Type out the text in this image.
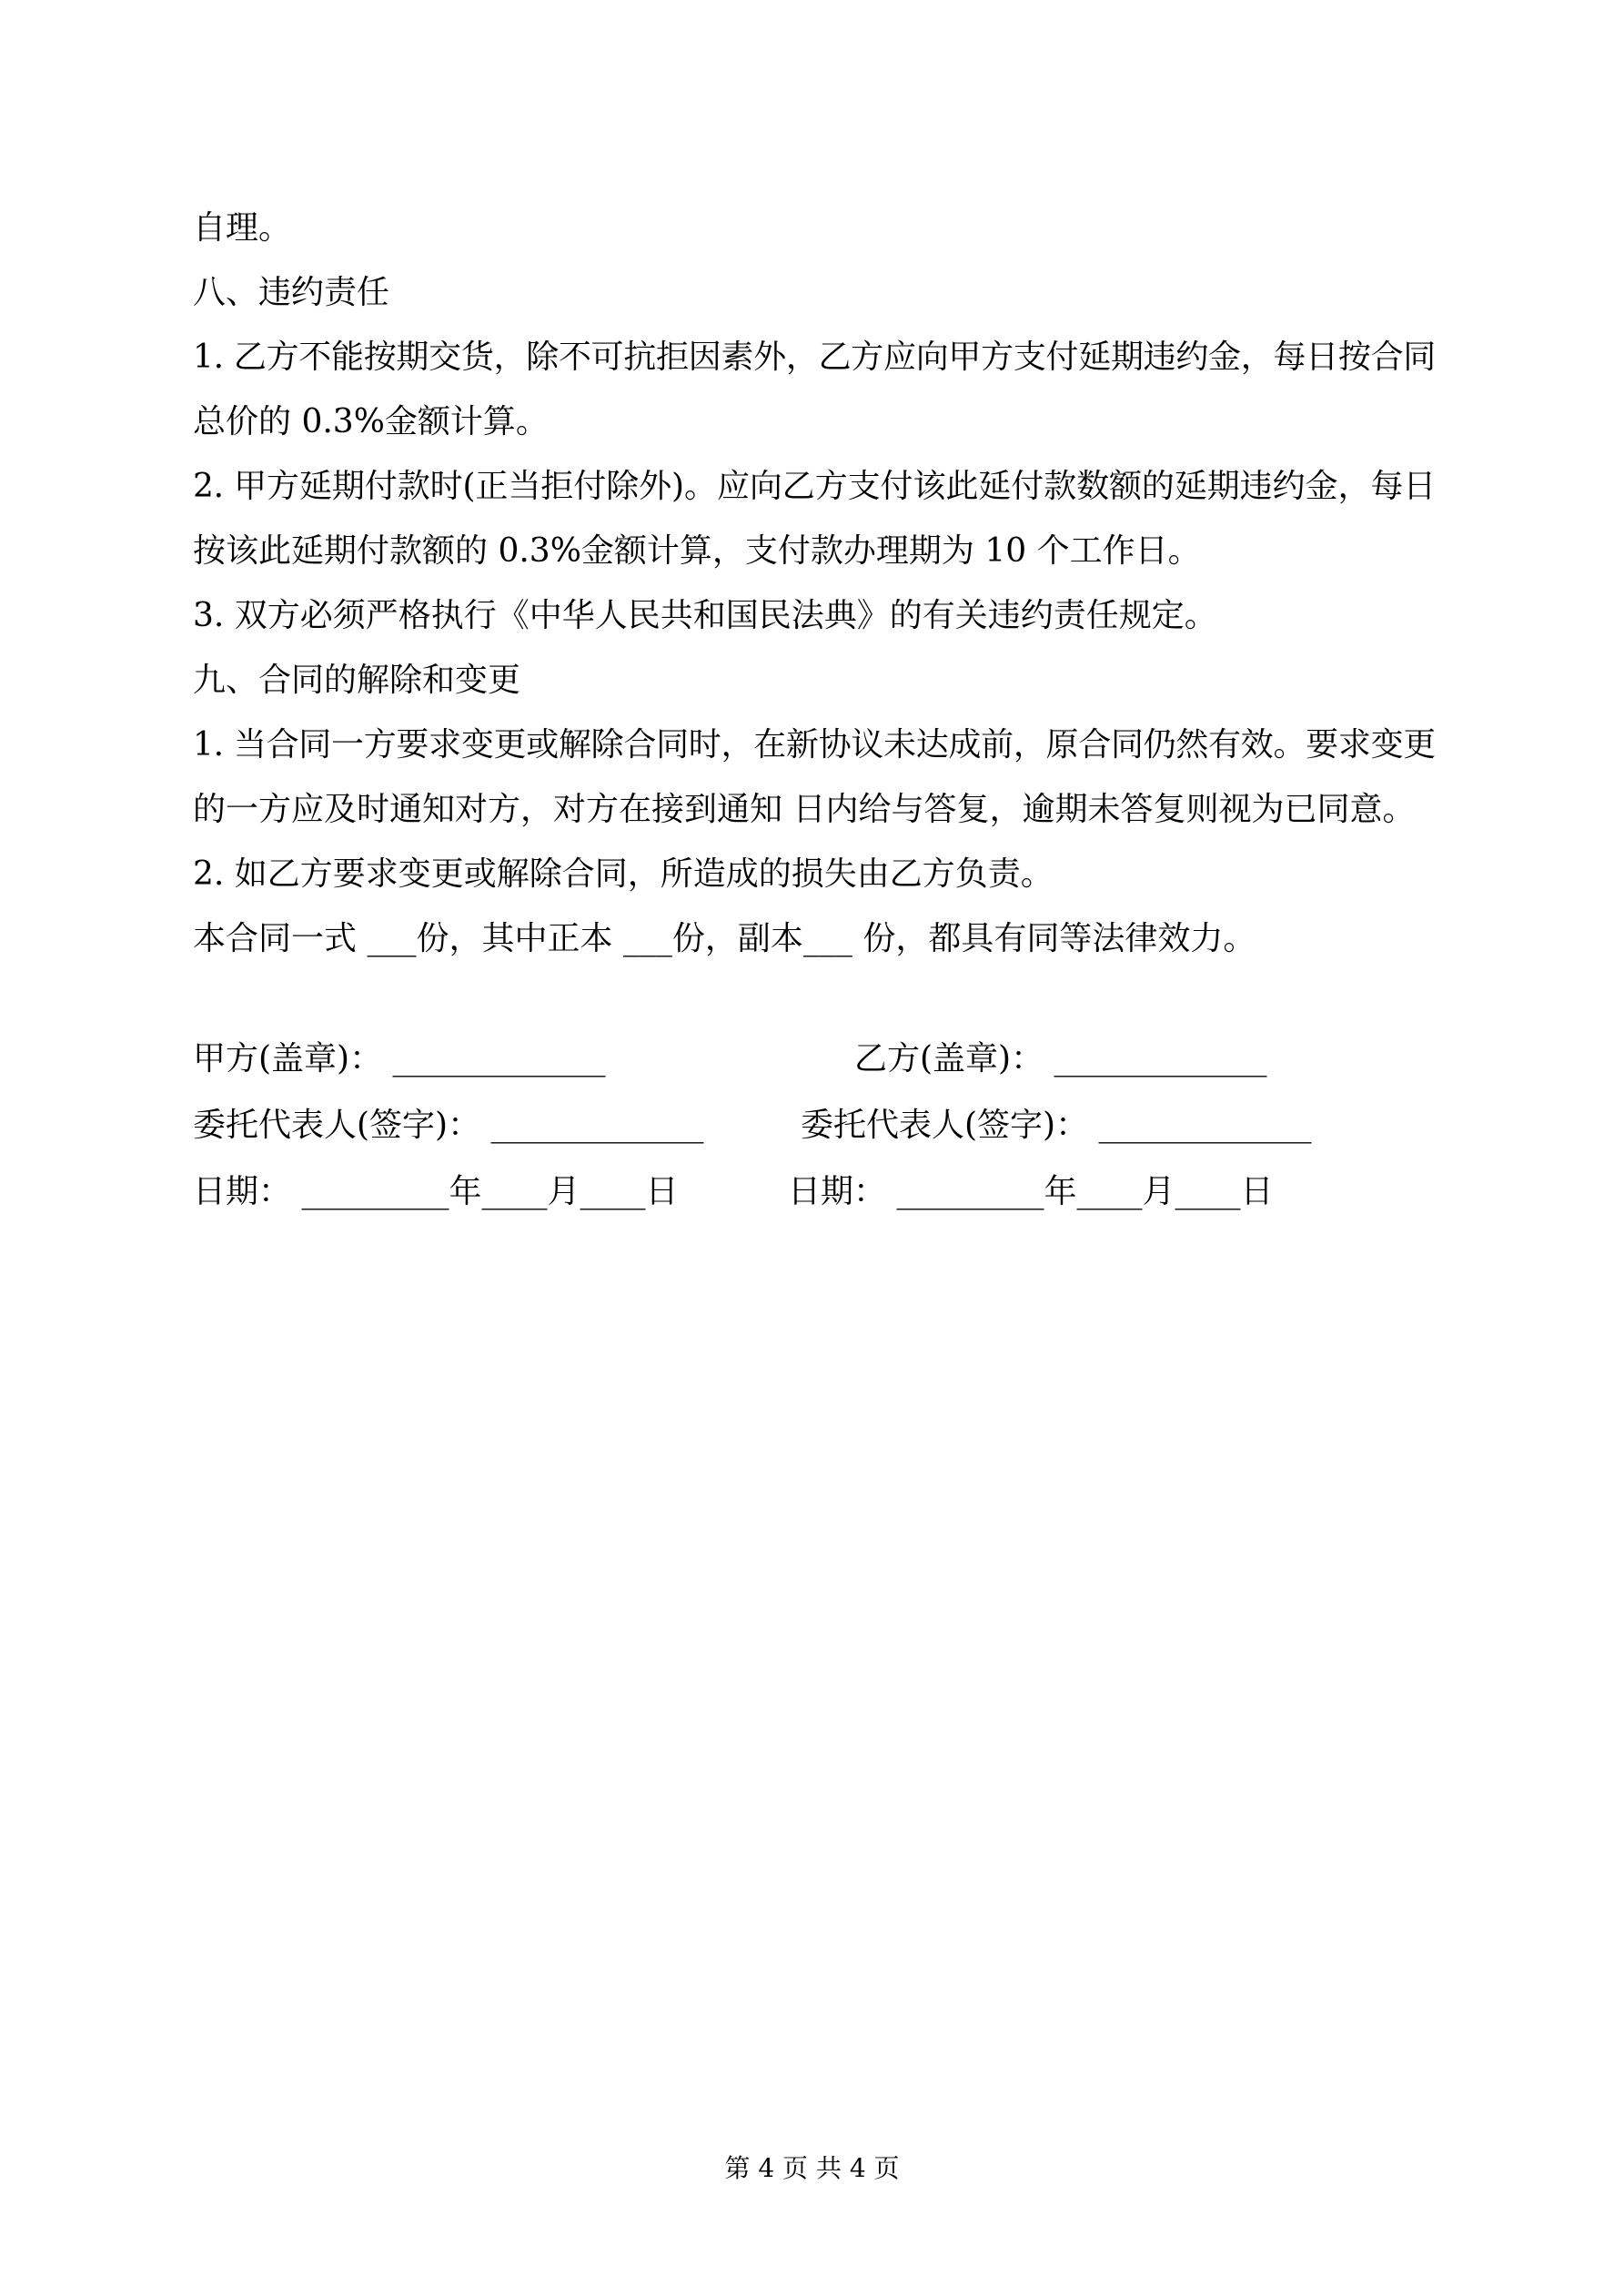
自理。

八、违约责任

1. 乙方不能按期交货，除不可抗拒因素外，乙方应向甲方支付延期违约金，每日按合同

总价的 0.3%金额计算。

2. 甲方延期付款时(正当拒付除外)。应向乙方支付该此延付款数额的延期违约金，每日

按该此延期付款额的 0.3%金额计算，支付款办理期为 10 个工作日。

3. 双方必须严格执行《中华人民共和国民法典》的有关违约责任规定。

九、合同的解除和变更

1. 当合同一方要求变更或解除合同时，在新协议未达成前，原合同仍然有效。要求变更

的一方应及时通知对方，对方在接到通知 日内给与答复，逾期未答复则视为已同意。

2. 如乙方要求变更或解除合同，所造成的损失由乙方负责。

本合同一式 ___份，其中正本 ___份，副本___ 份，都具有同等法律效力。

甲方(盖章)： _____________	乙方(盖章)： _____________
委托代表人(签字)： _____________	委托代表人(签字)： _____________
日期： _________年____月____日	日期： _________年____月____日
第 4 页 共 4 页
